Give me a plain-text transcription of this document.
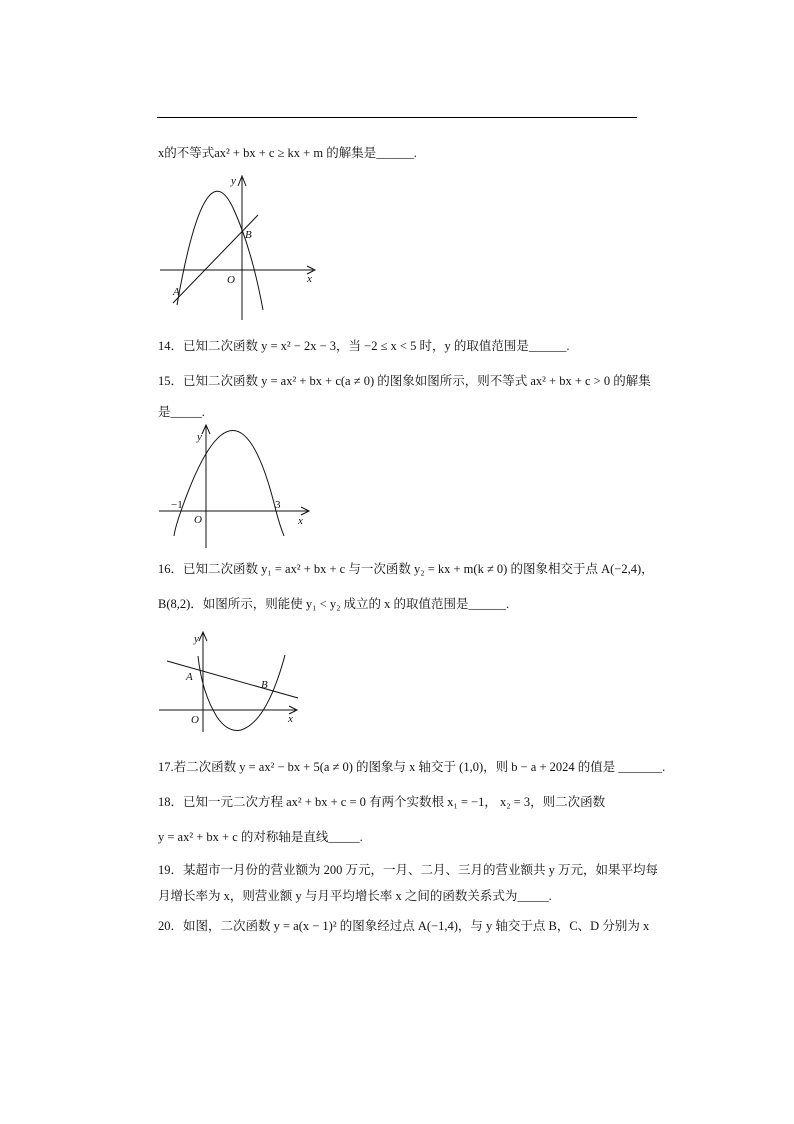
x的不等式ax² + bx + c ≥ kx + m 的解集是______.
y
x
O
A
B
14．已知二次函数 y = x² − 2x − 3，当 −2 ≤ x < 5 时，y 的取值范围是______.
15．已知二次函数 y = ax² + bx + c(a ≠ 0) 的图象如图所示，则不等式 ax² + bx + c > 0 的解集
是_____.
y
x
O
−1	3
16．已知二次函数 y₁ = ax² + bx + c 与一次函数 y₂ = kx + m(k ≠ 0) 的图象相交于点 A(−2,4)，
B(8,2)．如图所示，则能使 y₁ < y₂ 成立的 x 的取值范围是______.
y
x
O
A
B
17.若二次函数 y = ax² − bx + 5(a ≠ 0) 的图象与 x 轴交于 (1,0)，则 b − a + 2024 的值是 _______.
18．已知一元二次方程 ax² + bx + c = 0 有两个实数根 x₁ = −1， x₂ = 3，则二次函数
y = ax² + bx + c 的对称轴是直线_____.
19．某超市一月份的营业额为 200 万元，一月、二月、三月的营业额共 y 万元，如果平均每
月增长率为 x，则营业额 y 与月平均增长率 x 之间的函数关系式为_____.
20．如图，二次函数 y = a(x − 1)² 的图象经过点 A(−1,4)，与 y 轴交于点 B，C、D 分别为 x
